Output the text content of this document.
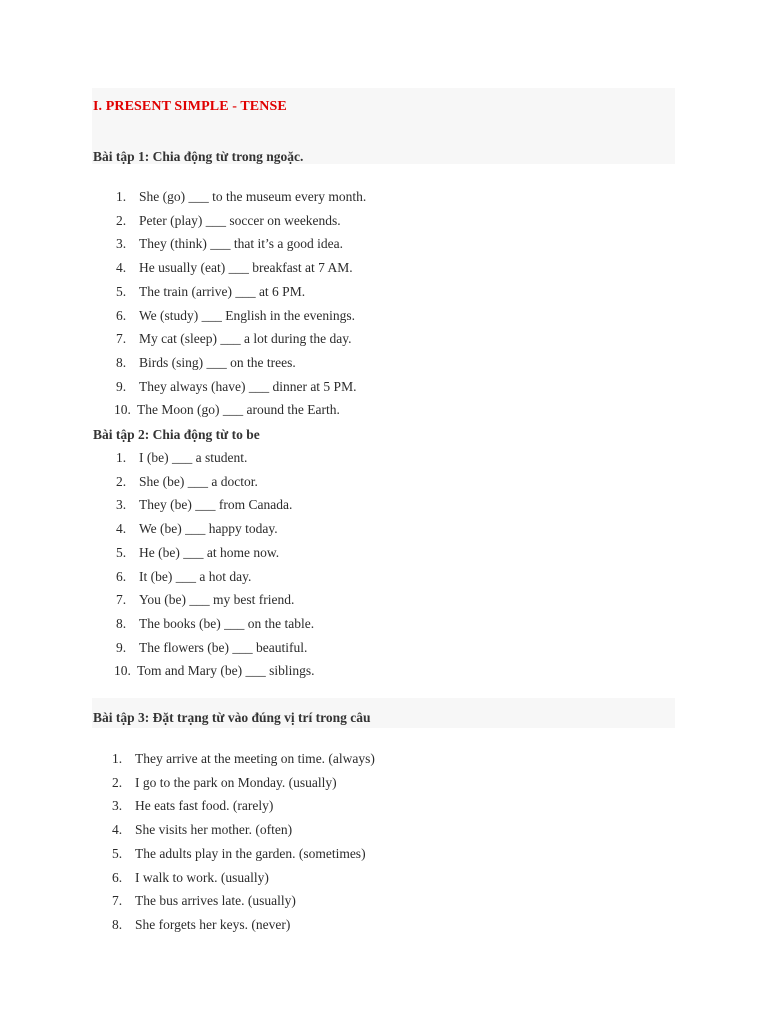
I. PRESENT SIMPLE - TENSE
Bài tập 1: Chia động từ trong ngoặc.
1. She (go) ___ to the museum every month.
2. Peter (play) ___ soccer on weekends.
3. They (think) ___ that it’s a good idea.
4. He usually (eat) ___ breakfast at 7 AM.
5. The train (arrive) ___ at 6 PM.
6. We (study) ___ English in the evenings.
7. My cat (sleep) ___ a lot during the day.
8. Birds (sing) ___ on the trees.
9. They always (have) ___ dinner at 5 PM.
10. The Moon (go) ___ around the Earth.
Bài tập 2: Chia động từ to be
1. I (be) ___ a student.
2. She (be) ___ a doctor.
3. They (be) ___ from Canada.
4. We (be) ___ happy today.
5. He (be) ___ at home now.
6. It (be) ___ a hot day.
7. You (be) ___ my best friend.
8. The books (be) ___ on the table.
9. The flowers (be) ___ beautiful.
10. Tom and Mary (be) ___ siblings.
Bài tập 3: Đặt trạng từ vào đúng vị trí trong câu
1. They arrive at the meeting on time. (always)
2. I go to the park on Monday. (usually)
3. He eats fast food. (rarely)
4. She visits her mother. (often)
5. The adults play in the garden. (sometimes)
6. I walk to work. (usually)
7. The bus arrives late. (usually)
8. She forgets her keys. (never)
